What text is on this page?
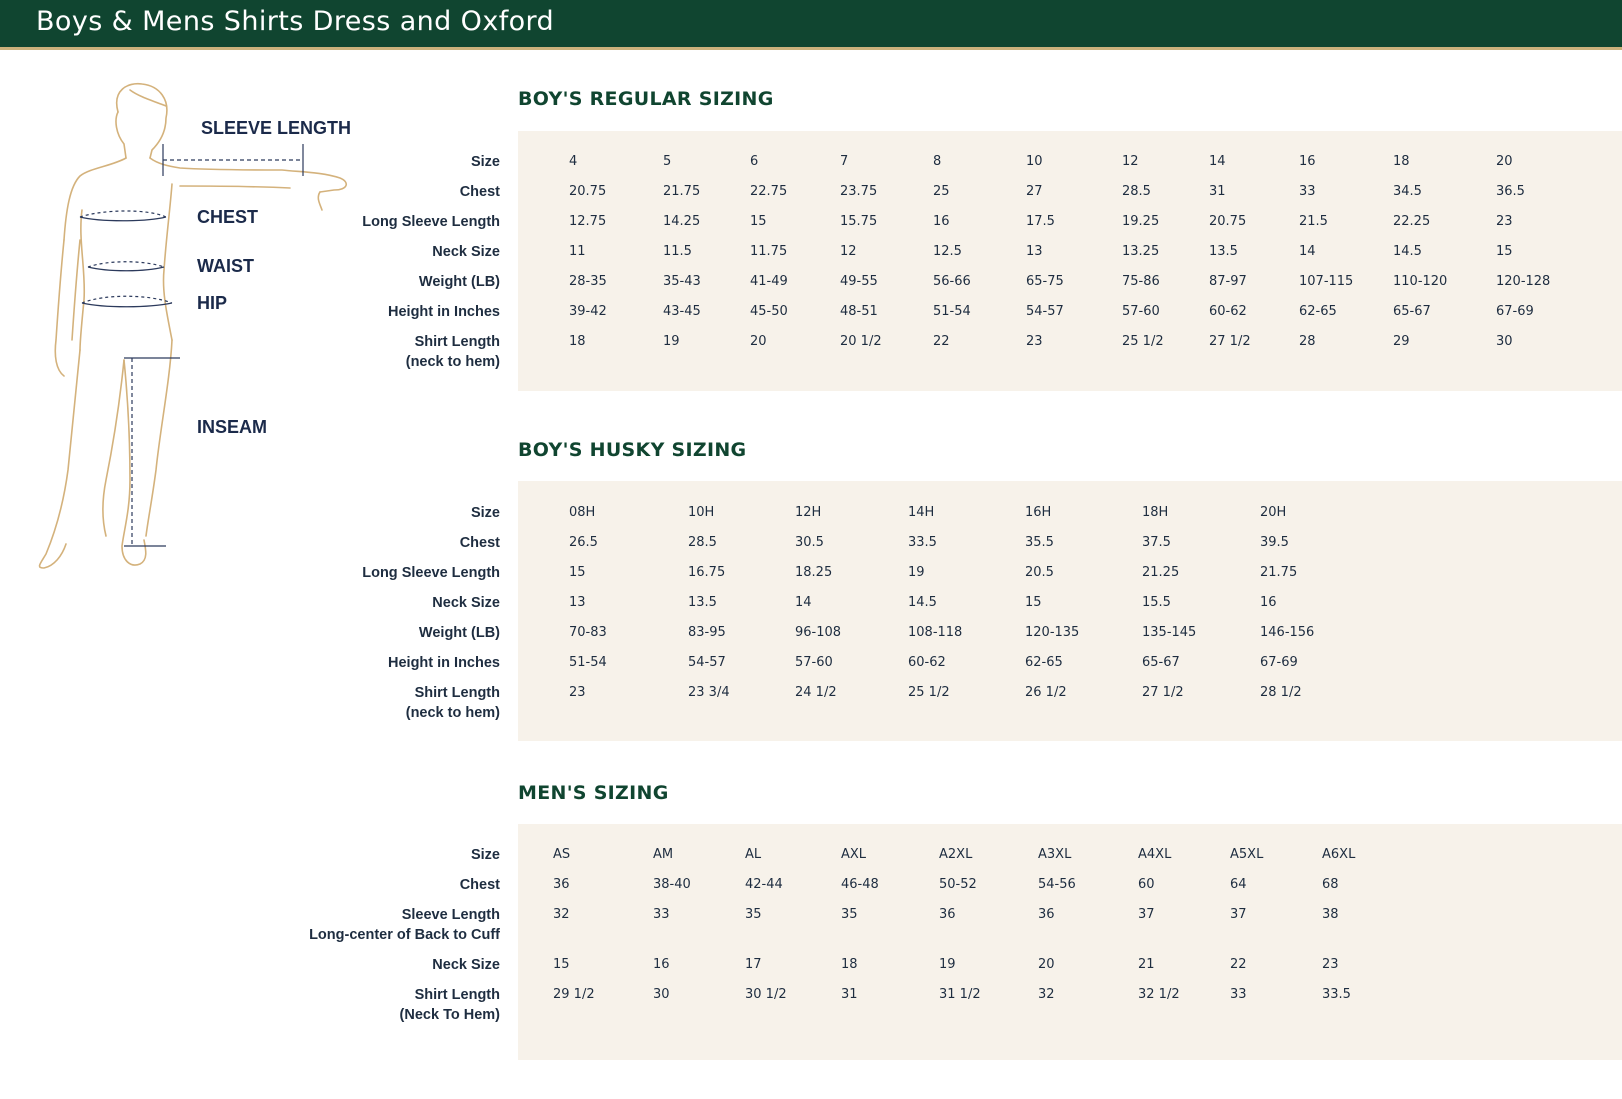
Boys & Mens Shirts Dress and Oxford
SLEEVE LENGTH
CHEST
WAIST
HIP
INSEAM
BOY'S REGULAR SIZING
Size	4	5	6	7	8	10	12	14	16	18	20
Chest	20.75	21.75	22.75	23.75	25	27	28.5	31	33	34.5	36.5
Long Sleeve Length	12.75	14.25	15	15.75	16	17.5	19.25	20.75	21.5	22.25	23
Neck Size	11	11.5	11.75	12	12.5	13	13.25	13.5	14	14.5	15
Weight (LB)	28-35	35-43	41-49	49-55	56-66	65-75	75-86	87-97	107-115	110-120	120-128
Height in Inches	39-42	43-45	45-50	48-51	51-54	54-57	57-60	60-62	62-65	65-67	67-69
Shirt Length
(neck to hem)
18	19	20	20 1/2	22	23	25 1/2	27 1/2	28	29	30
BOY'S HUSKY SIZING
Size	08H	10H	12H	14H	16H	18H	20H
Chest	26.5	28.5	30.5	33.5	35.5	37.5	39.5
Long Sleeve Length	15	16.75	18.25	19	20.5	21.25	21.75
Neck Size	13	13.5	14	14.5	15	15.5	16
Weight (LB)	70-83	83-95	96-108	108-118	120-135	135-145	146-156
Height in Inches	51-54	54-57	57-60	60-62	62-65	65-67	67-69
Shirt Length
(neck to hem)
23	23 3/4	24 1/2	25 1/2	26 1/2	27 1/2	28 1/2
MEN'S SIZING
Size	AS	AM	AL	AXL	A2XL	A3XL	A4XL	A5XL	A6XL
Chest	36	38-40	42-44	46-48	50-52	54-56	60	64	68
Sleeve Length
Long-center of Back to Cuff
32	33	35	35	36	36	37	37	38
Neck Size	15	16	17	18	19	20	21	22	23
Shirt Length
(Neck To Hem)
29 1/2	30	30 1/2	31	31 1/2	32	32 1/2	33	33.5
